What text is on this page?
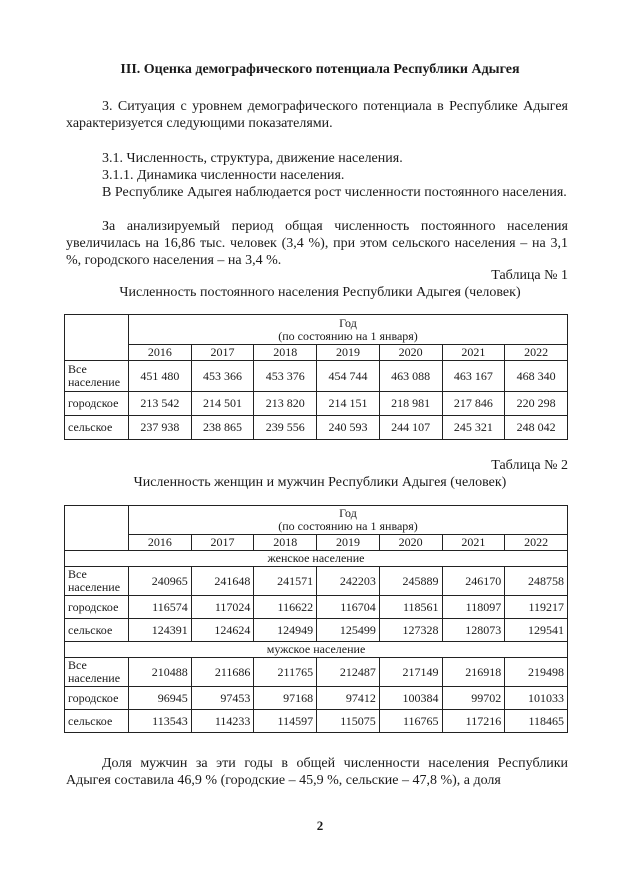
III. Оценка демографического потенциала Республики Адыгея

3. Ситуация с уровнем демографического потенциала в Республике Адыгея характеризуется следующими показателями.

3.1. Численность, структура, движение населения.

3.1.1. Динамика численности населения.

В Республике Адыгея наблюдается рост численности постоянного населения.

За анализируемый период общая численность постоянного населения увеличилась на 16,86 тыс. человек (3,4 %), при этом сельского населения – на 3,1 %, городского населения – на 3,4 %.

Таблица № 1
Численность постоянного населения Республики Адыгея (человек)

	Год
(по состоянию на 1 января)						

	2016	2017	2018	2019	2020	2021	2022
Все население	451 480	453 366	453 376	454 744	463 088	463 167	468 340
городское	213 542	214 501	213 820	214 151	218 981	217 846	220 298
сельское	237 938	238 865	239 556	240 593	244 107	245 321	248 042
Таблица № 2
Численность женщин и мужчин Республики Адыгея (человек)

	Год
(по состоянию на 1 января)						

	2016	2017	2018	2019	2020	2021	2022
женское население							
Все население	240965	241648	241571	242203	245889	246170	248758
городское	116574	117024	116622	116704	118561	118097	119217
сельское	124391	124624	124949	125499	127328	128073	129541
мужское население							
Все население	210488	211686	211765	212487	217149	216918	219498
городское	96945	97453	97168	97412	100384	99702	101033
сельское	113543	114233	114597	115075	116765	117216	118465

Доля мужчин за эти годы в общей численности населения Республики Адыгея составила 46,9 % (городские – 45,9 %, сельские – 47,8 %), а доля

2
